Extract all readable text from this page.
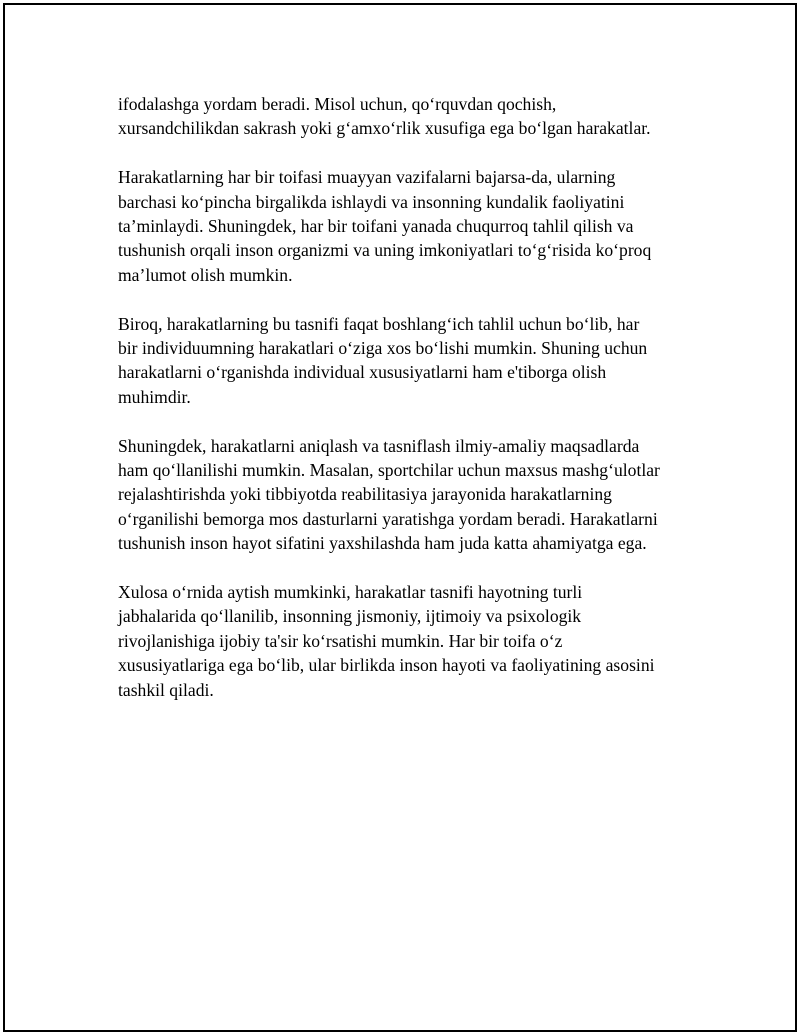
ifodalashga yordam beradi. Misol uchun, qo‘rquvdan qochish,
xursandchilikdan sakrash yoki g‘amxo‘rlik xusufiga ega bo‘lgan harakatlar.

Harakatlarning har bir toifasi muayyan vazifalarni bajarsa-da, ularning
barchasi ko‘pincha birgalikda ishlaydi va insonning kundalik faoliyatini
ta’minlaydi. Shuningdek, har bir toifani yanada chuqurroq tahlil qilish va
tushunish orqali inson organizmi va uning imkoniyatlari to‘g‘risida ko‘proq
ma’lumot olish mumkin.

Biroq, harakatlarning bu tasnifi faqat boshlang‘ich tahlil uchun bo‘lib, har
bir individuumning harakatlari o‘ziga xos bo‘lishi mumkin. Shuning uchun
harakatlarni o‘rganishda individual xususiyatlarni ham e'tiborga olish
muhimdir.

Shuningdek, harakatlarni aniqlash va tasniflash ilmiy-amaliy maqsadlarda
ham qo‘llanilishi mumkin. Masalan, sportchilar uchun maxsus mashg‘ulotlar
rejalashtirishda yoki tibbiyotda reabilitasiya jarayonida harakatlarning
o‘rganilishi bemorga mos dasturlarni yaratishga yordam beradi. Harakatlarni
tushunish inson hayot sifatini yaxshilashda ham juda katta ahamiyatga ega.

Xulosa o‘rnida aytish mumkinki, harakatlar tasnifi hayotning turli
jabhalarida qo‘llanilib, insonning jismoniy, ijtimoiy va psixologik
rivojlanishiga ijobiy ta'sir ko‘rsatishi mumkin. Har bir toifa o‘z
xususiyatlariga ega bo‘lib, ular birlikda inson hayoti va faoliyatining asosini
tashkil qiladi.
